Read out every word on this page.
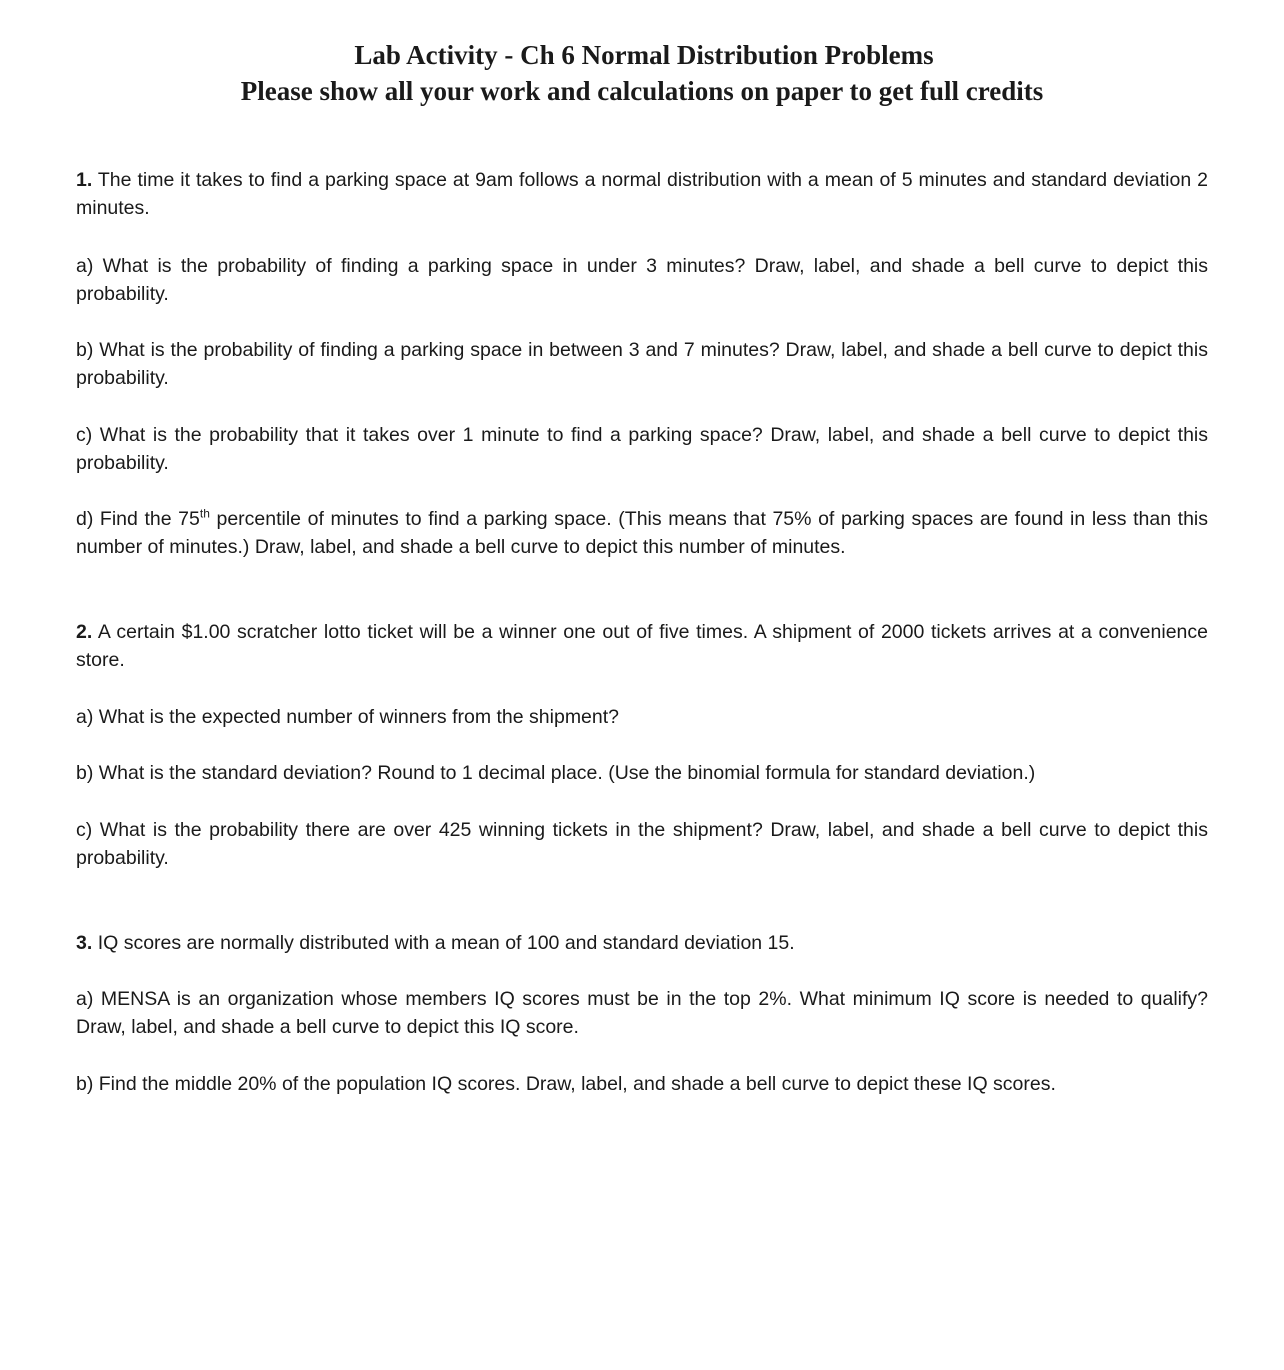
Lab Activity - Ch 6 Normal Distribution Problems
Please show all your work and calculations on paper to get full credits

1. The time it takes to find a parking space at 9am follows a normal distribution with a mean of 5 minutes and standard deviation 2 minutes.

a) What is the probability of finding a parking space in under 3 minutes? Draw, label, and shade a bell curve to depict this probability.

b) What is the probability of finding a parking space in between 3 and 7 minutes? Draw, label, and shade a bell curve to depict this probability.

c) What is the probability that it takes over 1 minute to find a parking space? Draw, label, and shade a bell curve to depict this probability.

d) Find the 75th percentile of minutes to find a parking space. (This means that 75% of parking spaces are found in less than this number of minutes.) Draw, label, and shade a bell curve to depict this number of minutes.

2. A certain $1.00 scratcher lotto ticket will be a winner one out of five times. A shipment of 2000 tickets arrives at a convenience store.

a) What is the expected number of winners from the shipment?

b) What is the standard deviation? Round to 1 decimal place. (Use the binomial formula for standard deviation.)

c) What is the probability there are over 425 winning tickets in the shipment? Draw, label, and shade a bell curve to depict this probability.

3. IQ scores are normally distributed with a mean of 100 and standard deviation 15.

a) MENSA is an organization whose members IQ scores must be in the top 2%. What minimum IQ score is needed to qualify? Draw, label, and shade a bell curve to depict this IQ score.

b) Find the middle 20% of the population IQ scores. Draw, label, and shade a bell curve to depict these IQ scores.
